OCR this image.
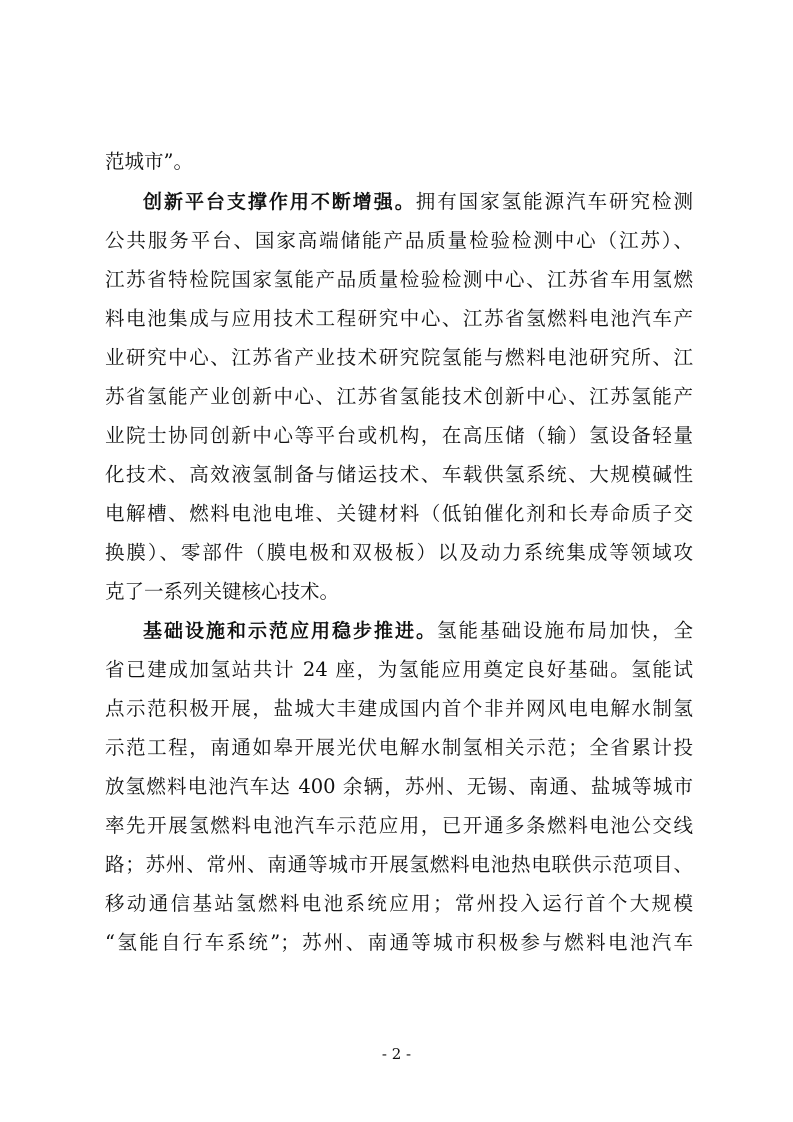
范城市”。
创新平台支撑作用不断增强。拥有国家氢能源汽车研究检测
公共服务平台、国家高端储能产品质量检验检测中心（江苏）、
江苏省特检院国家氢能产品质量检验检测中心、江苏省车用氢燃
料电池集成与应用技术工程研究中心、江苏省氢燃料电池汽车产
业研究中心、江苏省产业技术研究院氢能与燃料电池研究所、江
苏省氢能产业创新中心、江苏省氢能技术创新中心、江苏氢能产
业院士协同创新中心等平台或机构，在高压储（输）氢设备轻量
化技术、高效液氢制备与储运技术、车载供氢系统、大规模碱性
电解槽、燃料电池电堆、关键材料（低铂催化剂和长寿命质子交
换膜）、零部件（膜电极和双极板）以及动力系统集成等领域攻
克了一系列关键核心技术。
基础设施和示范应用稳步推进。氢能基础设施布局加快，全
省已建成加氢站共计 24 座，为氢能应用奠定良好基础。氢能试
点示范积极开展，盐城大丰建成国内首个非并网风电电解水制氢
示范工程，南通如皋开展光伏电解水制氢相关示范；全省累计投
放氢燃料电池汽车达 400 余辆，苏州、无锡、南通、盐城等城市
率先开展氢燃料电池汽车示范应用，已开通多条燃料电池公交线
路；苏州、常州、南通等城市开展氢燃料电池热电联供示范项目、
移动通信基站氢燃料电池系统应用；常州投入运行首个大规模
“氢能自行车系统”；苏州、南通等城市积极参与燃料电池汽车
- 2 -
